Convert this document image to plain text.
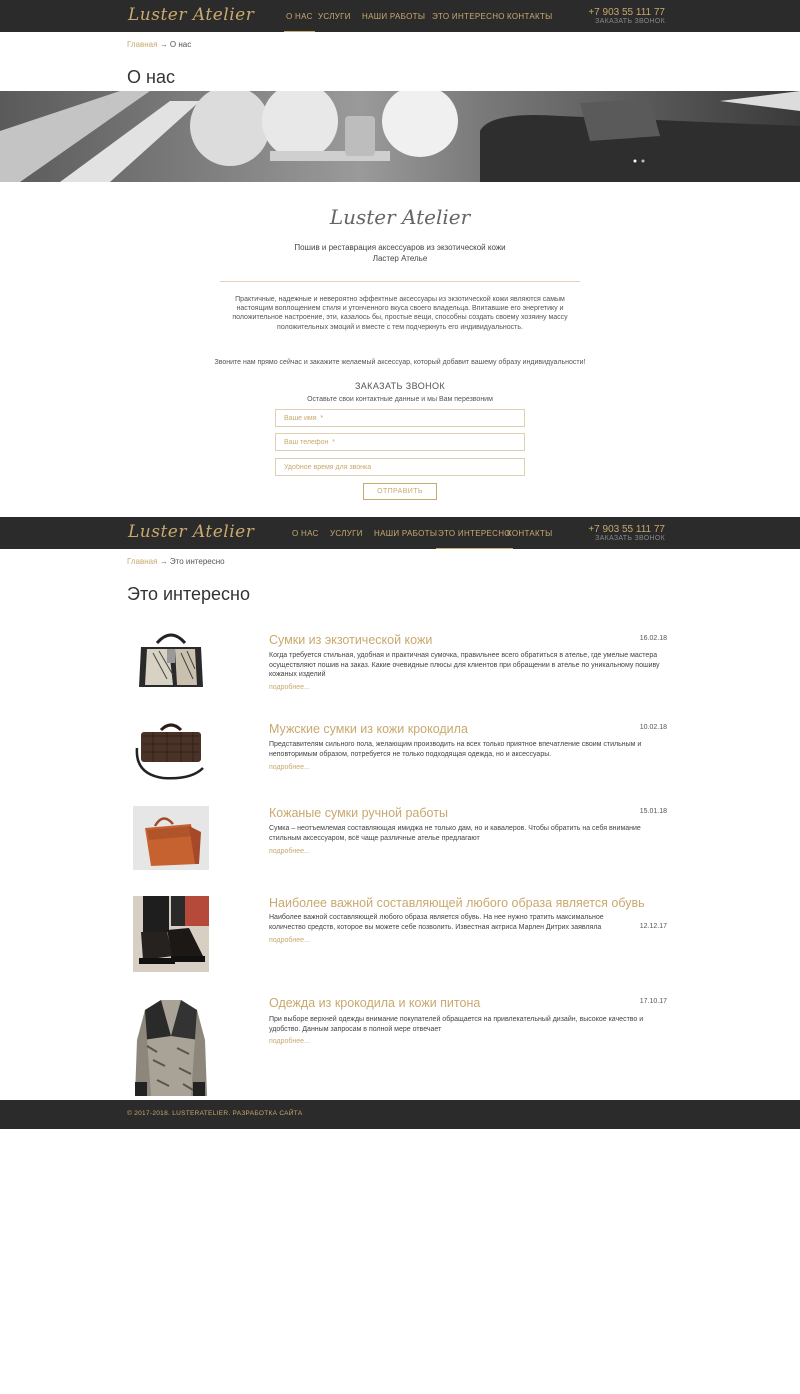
Luster Atelier	О НАС УСЛУГИ НАШИ РАБОТЫ ЭТО ИНТЕРЕСНО КОНТАКТЫ	+7 903 55 111 77
ЗАКАЗАТЬ ЗВОНОК
Главная → О нас
О нас
Luster Atelier
Пошив и реставрация аксессуаров из экзотической кожи
Ластер Ателье

Практичные, надежные и невероятно эффектные аксессуары из экзотической кожи являются самым настоящим воплощением стиля и утонченного вкуса своего владельца. Впитавшие его энергетику и положительное настроение, эти, казалось бы, простые вещи, способны создать своему хозяину массу положительных эмоций и вместе с тем подчеркнуть его индивидуальность.

Звоните нам прямо сейчас и закажите желаемый аксессуар, который добавит вашему образу индивидуальности!

ЗАКАЗАТЬ ЗВОНОК
Оставьте свои контактные данные и мы Вам перезвоним
Ваше имя *
Ваш телефон *
Удобное время для звонка
ОТПРАВИТЬ
Luster Atelier	О НАС УСЛУГИ НАШИ РАБОТЫ ЭТО ИНТЕРЕСНО
КОНТАКТЫ	+7 903 55 111 77
ЗАКАЗАТЬ ЗВОНОК
Главная → Это интересно
Это интересно
Сумки из экзотической кожи	16.02.18

Когда требуется стильная, удобная и практичная сумочка, правильнее всего обратиться в ателье, где умелые мастера осуществляют пошив на заказ. Какие очевидные плюсы для клиентов при обращении в ателье по уникальному пошиву кожаных изделий

подробнее...
Мужские сумки из кожи крокодила	10.02.18

Представителям сильного пола, желающим производить на всех только приятное впечатление своим стильным и неповторимым образом, потребуется не только подходящая одежда, но и аксессуары.

подробнее...
Кожаные сумки ручной работы	15.01.18

Сумка – неотъемлемая составляющая имиджа не только дам, но и кавалеров. Чтобы обратить на себя внимание стильным аксессуаром, всё чаще различные ателье предлагают

подробнее...
Наиболее важной составляющей любого образа является обувь

Наиболее важной составляющей любого образа является обувь. На нее нужно тратить максимальное количество средств, которое вы можете себе позволить. Известная актриса Марлен Дитрих заявляла	12.12.17
подробнее...
Одежда из крокодила и кожи питона	17.10.17

При выборе верхней одежды внимание покупателей обращается на привлекательный дизайн, высокое качество и удобство. Данным запросам в полной мере отвечает

подробнее...
© 2017-2018. LUSTERATELIER. РАЗРАБОТКА САЙТА
